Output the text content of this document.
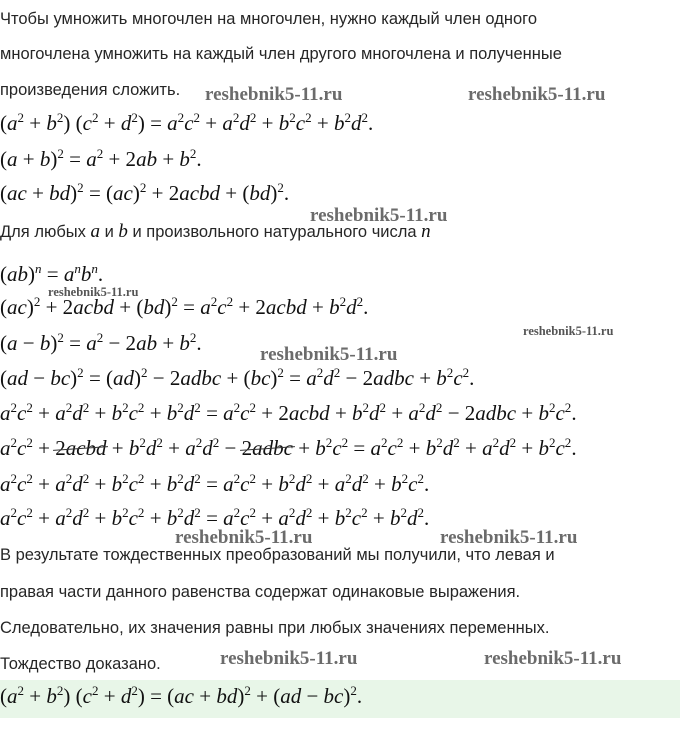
Чтобы умножить многочлен на многочлен, нужно каждый член одного
многочлена умножить на каждый член другого многочлена и полученные
произведения сложить.
$(a^2 + b^2) (c^2 + d^2) = a^2c^2 + a^2d^2 + b^2c^2 + b^2d^2$.
$(a + b)^2 = a^2 + 2ab + b^2$.
(ac + bd)$^2$ = (ac)$^2$ + 2acbd + (bd)$^2$.
Для любых a и b и произвольного натурального числа n
$(ab)^n = a^nb^n$.
(ac)$^2$ + 2acbd + $(bd)^2 = a^2c^2$ + 2acbd + $b^2d^2$.
$(a - b)^2 = a^2 - 2ab + b^2$.
(ad − bc)$^2$ = (ad)$^2$ − 2adbc + $(bc)^2 = a^2d^2$ − 2adbc + $b^2c^2$.
$a^2c^2 + a^2d^2 + b^2c^2 + b^2d^2 = a^2c^2$ + 2acbd + $b^2d^2 + a^2d^2$ − 2adbc + $b^2c^2$.
$a^2c^2$ + 2acbd + $b^2d^2 + a^2d^2$ − 2adbc + $b^2c^2 = a^2c^2 + b^2d^2 + a^2d^2 + b^2c^2$.
$a^2c^2 + a^2d^2 + b^2c^2 + b^2d^2 = a^2c^2 + b^2d^2 + a^2d^2 + b^2c^2$.
$a^2c^2 + a^2d^2 + b^2c^2 + b^2d^2 = a^2c^2 + a^2d^2 + b^2c^2 + b^2d^2$.
В результате тождественных преобразований мы получили, что левая и
правая части данного равенства содержат одинаковые выражения.
Следовательно, их значения равны при любых значениях переменных.
Тождество доказано.
$(a^2 + b^2) (c^2 + d^2) = (ac + bd)^2 + (ad - bc)^2$.
reshebnik5-11.ru	reshebnik5-11.ru
reshebnik5-11.ru
reshebnik5-11.ru
reshebnik5-11.ru
reshebnik5-11.ru
reshebnik5-11.ru	reshebnik5-11.ru
reshebnik5-11.ru	reshebnik5-11.ru
